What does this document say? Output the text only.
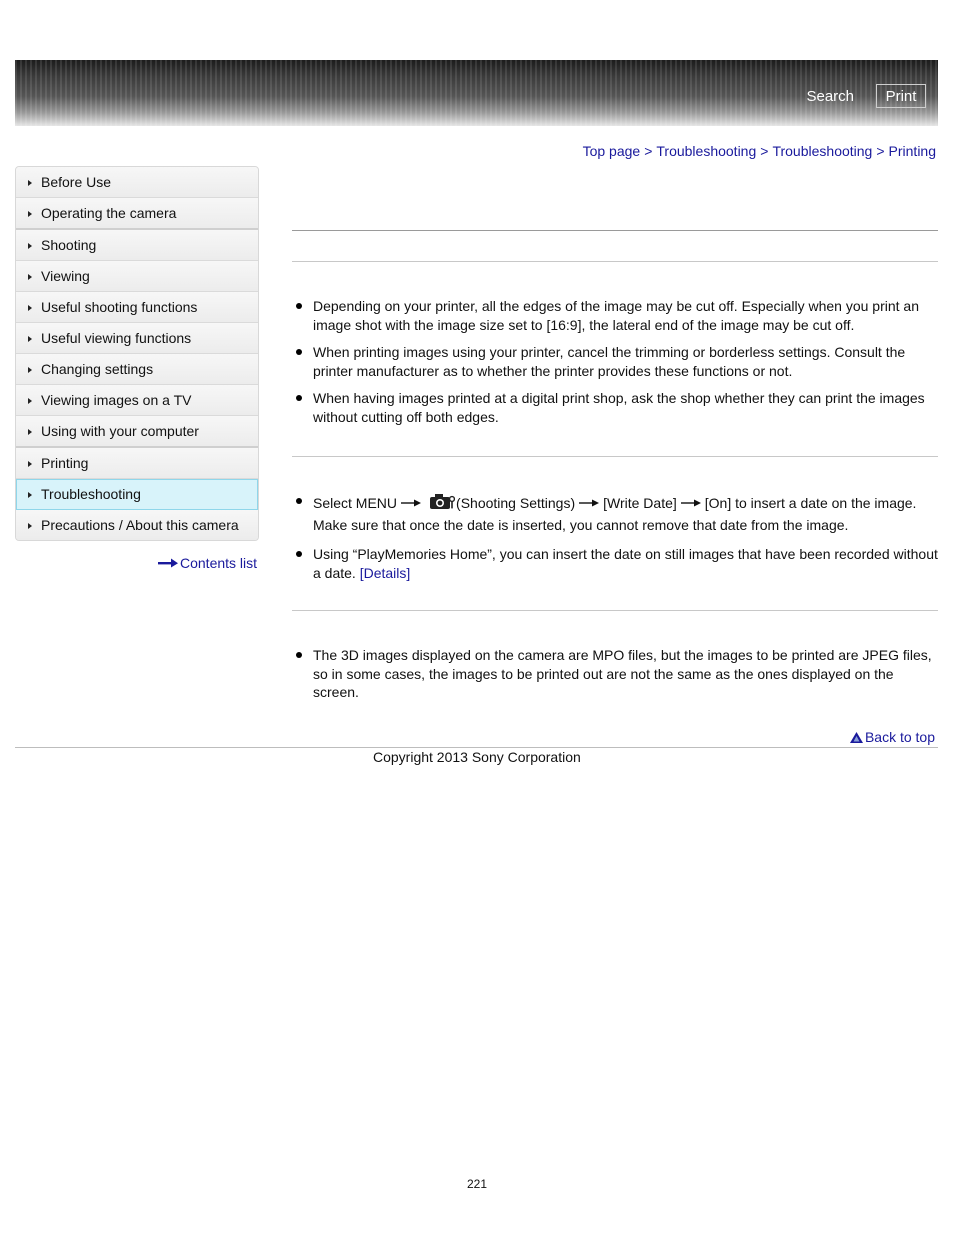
Search	Print
Top page > Troubleshooting > Troubleshooting > Printing
Before Use
Operating the camera
Shooting
Viewing
Useful shooting functions
Useful viewing functions
Changing settings
Viewing images on a TV
Using with your computer
Printing
Troubleshooting
Precautions / About this camera
Contents list
Depending on your printer, all the edges of the image may be cut off. Especially when you print an image shot with the image size set to [16:9], the lateral end of the image may be cut off.
When printing images using your printer, cancel the trimming or borderless settings. Consult the printer manufacturer as to whether the printer provides these functions or not.
When having images printed at a digital print shop, ask the shop whether they can print the images without cutting off both edges.
Select MENU	(Shooting Settings) [Write Date] [On] to insert a date on the image.
Make sure that once the date is inserted, you cannot remove that date from the image.
Using “PlayMemories Home”, you can insert the date on still images that have been recorded without a date. [Details]
The 3D images displayed on the camera are MPO files, but the images to be printed are JPEG files, so in some cases, the images to be printed out are not the same as the ones displayed on the screen.
Back to top
Copyright 2013 Sony Corporation
221
